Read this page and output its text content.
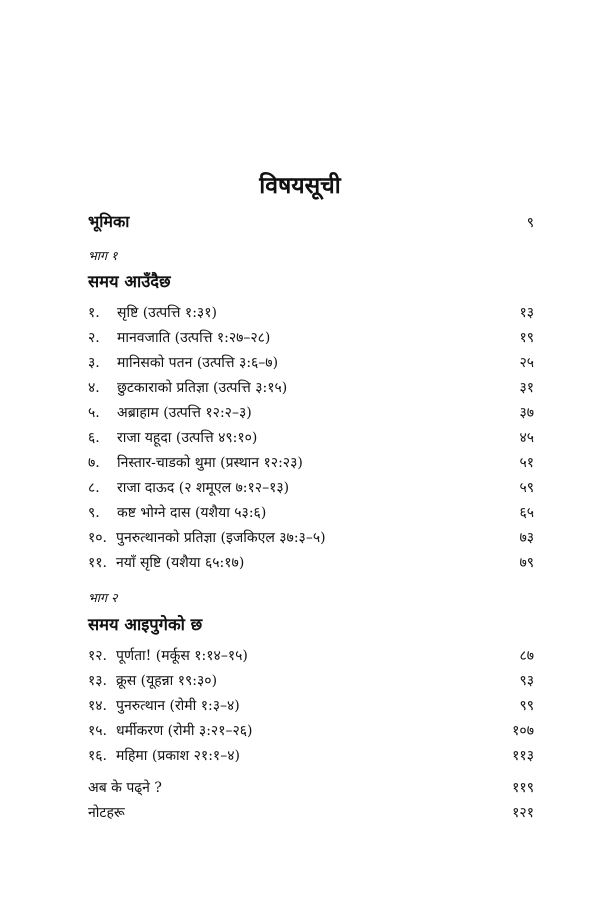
विषयसूची
भूमिका	९
भाग १
समय आउँदैछ
१.	सृष्टि (उत्पत्ति १:३१)	१३
२.	मानवजाति (उत्पत्ति १:२७–२८)	१९
३.	मानिसको पतन (उत्पत्ति ३:६–७)	२५
४.	छुटकाराको प्रतिज्ञा (उत्पत्ति ३:१५)	३१
५.	अब्राहाम (उत्पत्ति १२:२–३)	३७
६.	राजा यहूदा (उत्पत्ति ४९:१०)	४५
७.	निस्तार-चाडको थुमा (प्रस्थान १२:२३)	५१
८.	राजा दाऊद (२ शमूएल ७:१२–१३)	५९
९.	कष्ट भोग्ने दास (यशैया ५३:६)	६५
१०. पुनरुत्थानको प्रतिज्ञा (इजकिएल ३७:३–५)	७३
११. नयाँ सृष्टि (यशैया ६५:१७)	७९
भाग २
समय आइपुगेको छ
१२. पूर्णता! (मर्कूस १:१४–१५)	८७
१३. क्रूस (यूहन्ना १९:३०)	९३
१४. पुनरुत्थान (रोमी १:३–४)	९९
१५. धर्मीकरण (रोमी ३:२१–२६)	१०७
१६. महिमा (प्रकाश २१:१–४)	११३
अब के पढ्ने ?	११९
नोटहरू	१२१
